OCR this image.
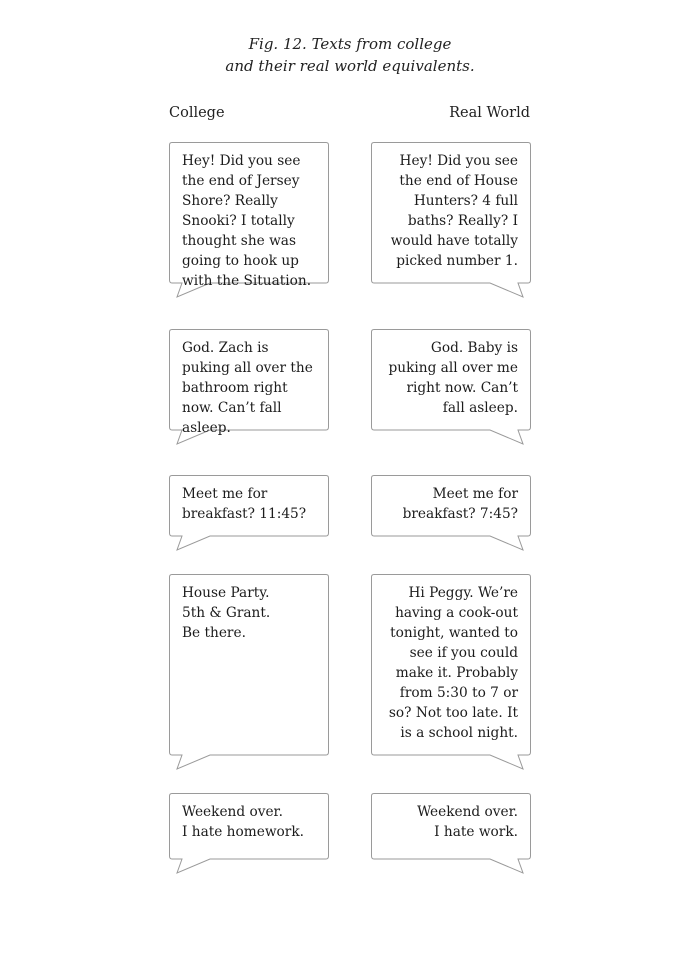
Fig. 12. Texts from college
and their real world equivalents.
College	Real World
Hey! Did you see the end of Jersey Shore? Really Snooki? I totally thought she was going to hook up with the Situation.
Hey! Did you see the end of House Hunters? 4 full baths? Really? I would have totally picked number 1.
God. Zach is puking all over the bathroom right now. Can’t fall asleep.
God. Baby is puking all over me right now. Can’t fall asleep.
Meet me for breakfast? 11:45?
Meet me for breakfast? 7:45?
House Party.
5th & Grant.
Be there.
Hi Peggy. We’re having a cook-out tonight, wanted to see if you could make it. Probably from 5:30 to 7 or so? Not too late. It is a school night.
Weekend over.
I hate homework.
Weekend over.
I hate work.
